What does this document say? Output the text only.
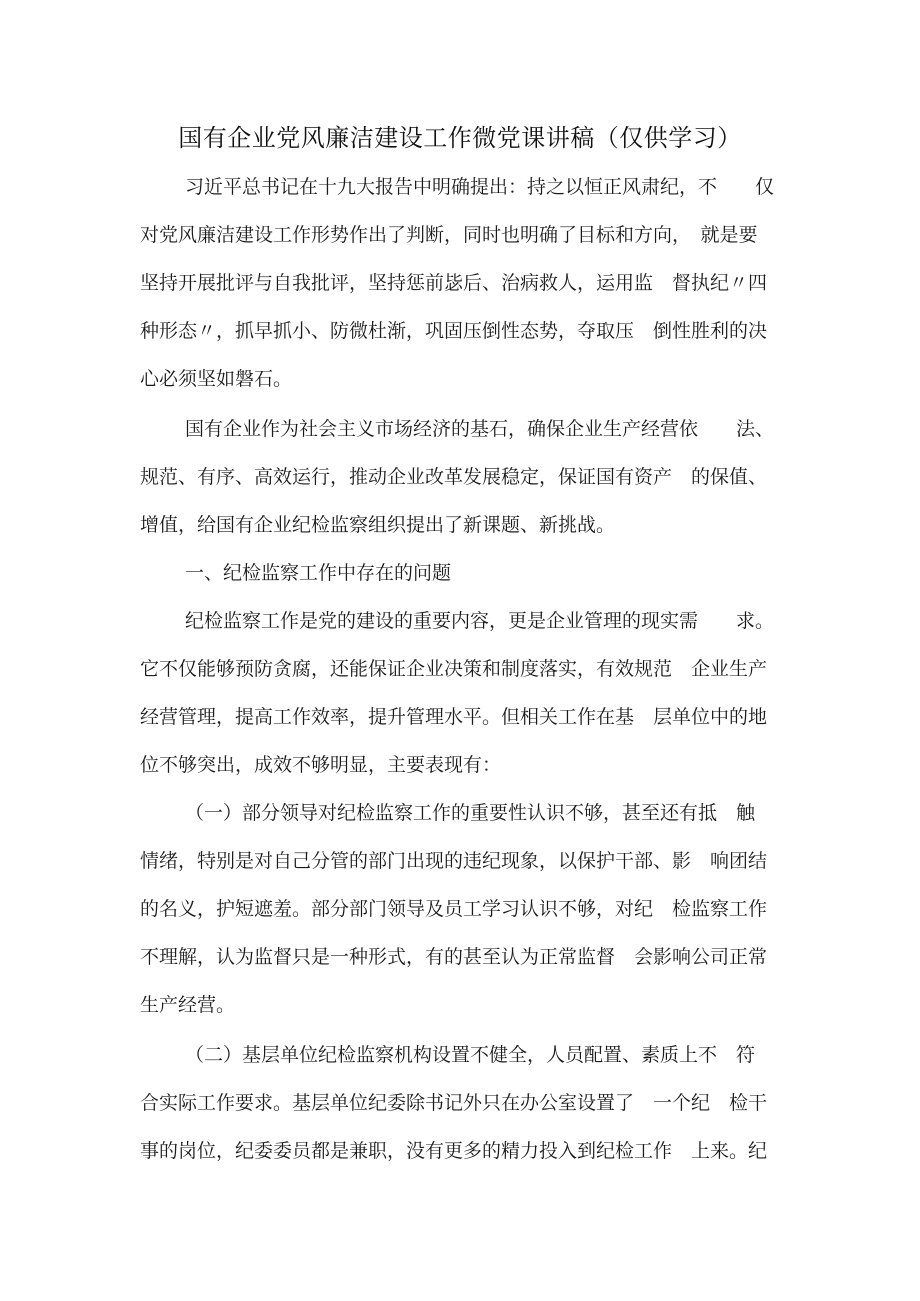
国有企业党风廉洁建设工作微党课讲稿（仅供学习）
习近平总书记在十九大报告中明确提出：持之以恒正风肃纪，不　　仅
对党风廉洁建设工作形势作出了判断，同时也明确了目标和方向，　就是要
坚持开展批评与自我批评，坚持惩前毖后、治病救人，运用监　督执纪〃四
种形态〃，抓早抓小、防微杜渐，巩固压倒性态势，夺取压　倒性胜利的决
心必须坚如磐石。
国有企业作为社会主义市场经济的基石，确保企业生产经营依　　法、
规范、有序、高效运行，推动企业改革发展稳定，保证国有资产　的保值、
增值，给国有企业纪检监察组织提出了新课题、新挑战。
一、纪检监察工作中存在的问题
纪检监察工作是党的建设的重要内容，更是企业管理的现实需　　求。
它不仅能够预防贪腐，还能保证企业决策和制度落实，有效规范　企业生产
经营管理，提高工作效率，提升管理水平。但相关工作在基　层单位中的地
位不够突出，成效不够明显，主要表现有：
（一）部分领导对纪检监察工作的重要性认识不够，甚至还有抵　触
情绪，特别是对自己分管的部门出现的违纪现象，以保护干部、影　响团结
的名义，护短遮羞。部分部门领导及员工学习认识不够，对纪　检监察工作
不理解，认为监督只是一种形式，有的甚至认为正常监督　会影响公司正常
生产经营。
（二）基层单位纪检监察机构设置不健全，人员配置、素质上不　符
合实际工作要求。基层单位纪委除书记外只在办公室设置了　一个纪　检干
事的岗位，纪委委员都是兼职，没有更多的精力投入到纪检工作　上来。纪
